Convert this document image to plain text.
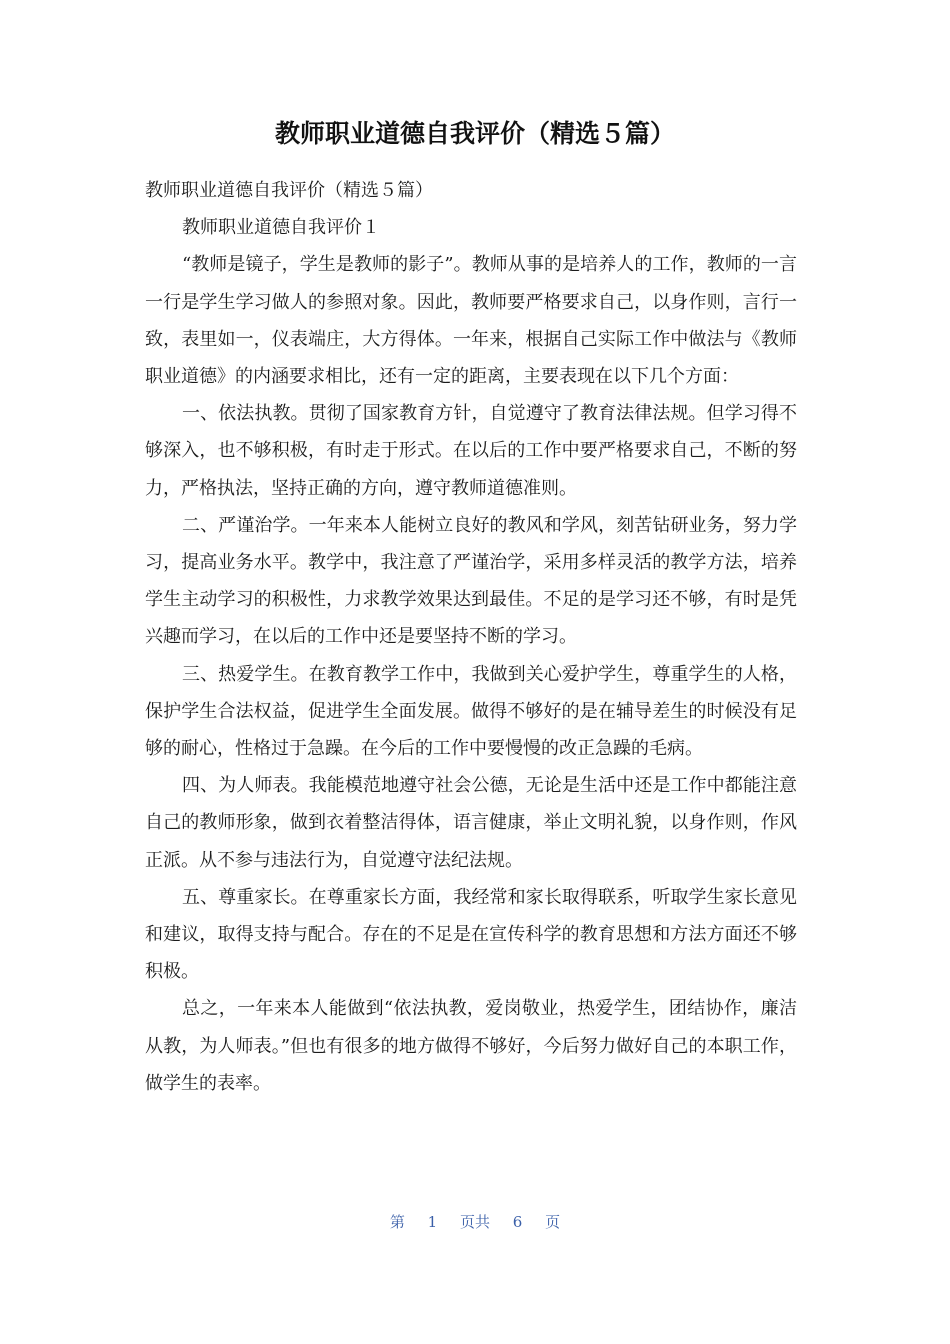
教师职业道德自我评价（精选５篇）

教师职业道德自我评价（精选５篇）

教师职业道德自我评价１

“教师是镜子，学生是教师的影子”。教师从事的是培养人的工作，教师的一言一行是学生学习做人的参照对象。因此，教师要严格要求自己，以身作则，言行一致，表里如一，仪表端庄，大方得体。一年来，根据自己实际工作中做法与《教师职业道德》的内涵要求相比，还有一定的距离，主要表现在以下几个方面：

一、依法执教。贯彻了国家教育方针，自觉遵守了教育法律法规。但学习得不够深入，也不够积极，有时走于形式。在以后的工作中要严格要求自己，不断的努力，严格执法，坚持正确的方向，遵守教师道德准则。

二、严谨治学。一年来本人能树立良好的教风和学风，刻苦钻研业务，努力学习，提高业务水平。教学中，我注意了严谨治学，采用多样灵活的教学方法，培养学生主动学习的积极性，力求教学效果达到最佳。不足的是学习还不够，有时是凭兴趣而学习，在以后的工作中还是要坚持不断的学习。

三、热爱学生。在教育教学工作中，我做到关心爱护学生，尊重学生的人格，保护学生合法权益，促进学生全面发展。做得不够好的是在辅导差生的时候没有足够的耐心，性格过于急躁。在今后的工作中要慢慢的改正急躁的毛病。

四、为人师表。我能模范地遵守社会公德，无论是生活中还是工作中都能注意自己的教师形象，做到衣着整洁得体，语言健康，举止文明礼貌，以身作则，作风正派。从不参与违法行为，自觉遵守法纪法规。

五、尊重家长。在尊重家长方面，我经常和家长取得联系，听取学生家长意见和建议，取得支持与配合。存在的不足是在宣传科学的教育思想和方法方面还不够积极。

总之，一年来本人能做到“依法执教，爱岗敬业，热爱学生，团结协作，廉洁从教，为人师表。”但也有很多的地方做得不够好，今后努力做好自己的本职工作，做学生的表率。

第 1 页共 6 页
